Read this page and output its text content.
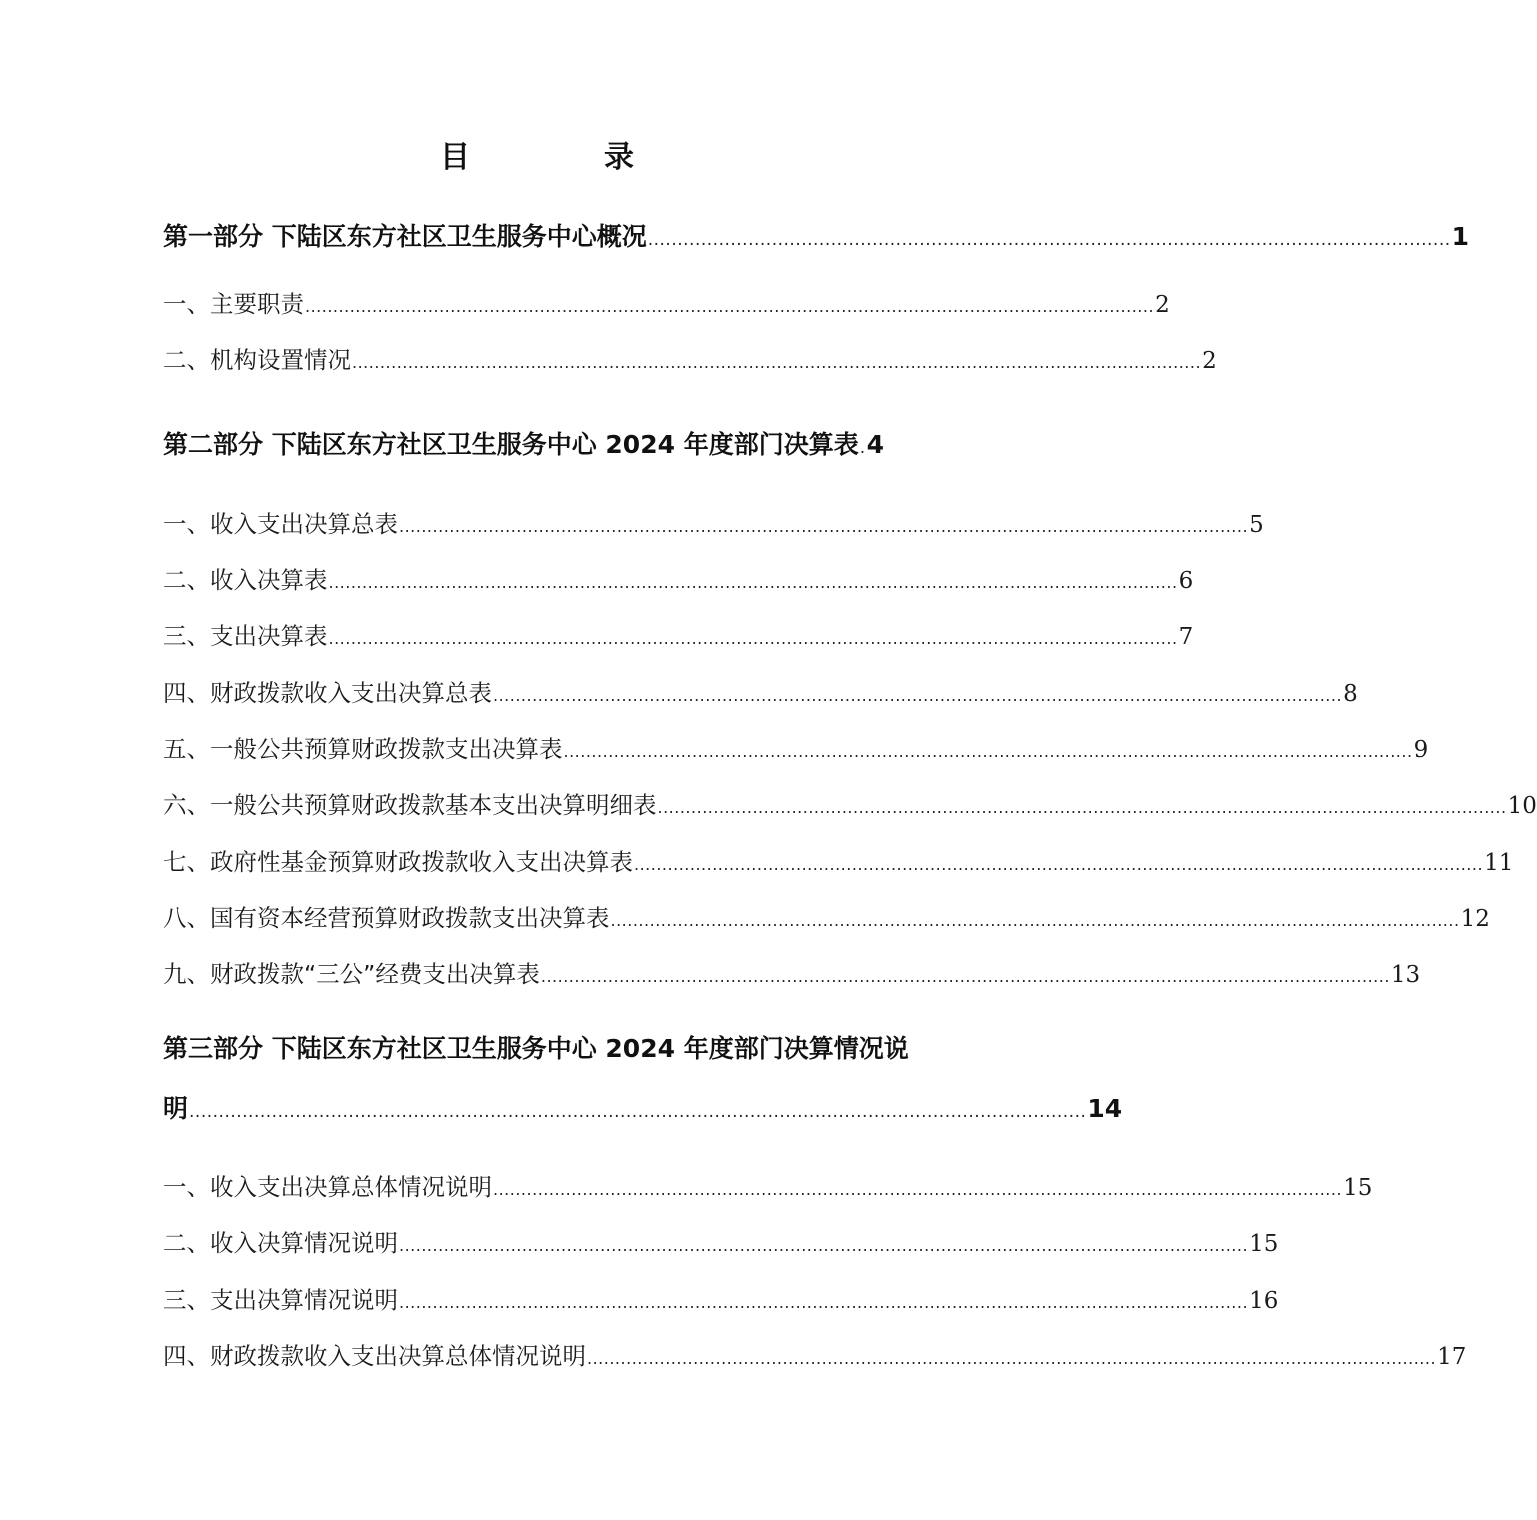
目　录
第一部分 下陆区东方社区卫生服务中心概况 ........................................................................................................................................ 1
一、主要职责 ........................................................................................................................................................ 2
二、机构设置情况 ........................................................................................................................................................ 2
第二部分 下陆区东方社区卫生服务中心 2024 年度部门决算表 . 4
一、收入支出决算总表 ........................................................................................................................................................ 5
二、收入决算表 ........................................................................................................................................................ 6
三、支出决算表 ........................................................................................................................................................ 7
四、财政拨款收入支出决算总表 ........................................................................................................................................................ 8
五、一般公共预算财政拨款支出决算表 ........................................................................................................................................................ 9
六、一般公共预算财政拨款基本支出决算明细表 ........................................................................................................................................................ 10
七、政府性基金预算财政拨款收入支出决算表 ........................................................................................................................................................ 11
八、国有资本经营预算财政拨款支出决算表 ........................................................................................................................................................ 12
九、财政拨款“三公”经费支出决算表 ........................................................................................................................................................ 13
第三部分 下陆区东方社区卫生服务中心 2024 年度部门决算情况说
明 ........................................................................................................................................................ 14
一、收入支出决算总体情况说明 ........................................................................................................................................................ 15
二、收入决算情况说明 ........................................................................................................................................................ 15
三、支出决算情况说明 ........................................................................................................................................................ 16
四、财政拨款收入支出决算总体情况说明 ........................................................................................................................................................ 17
